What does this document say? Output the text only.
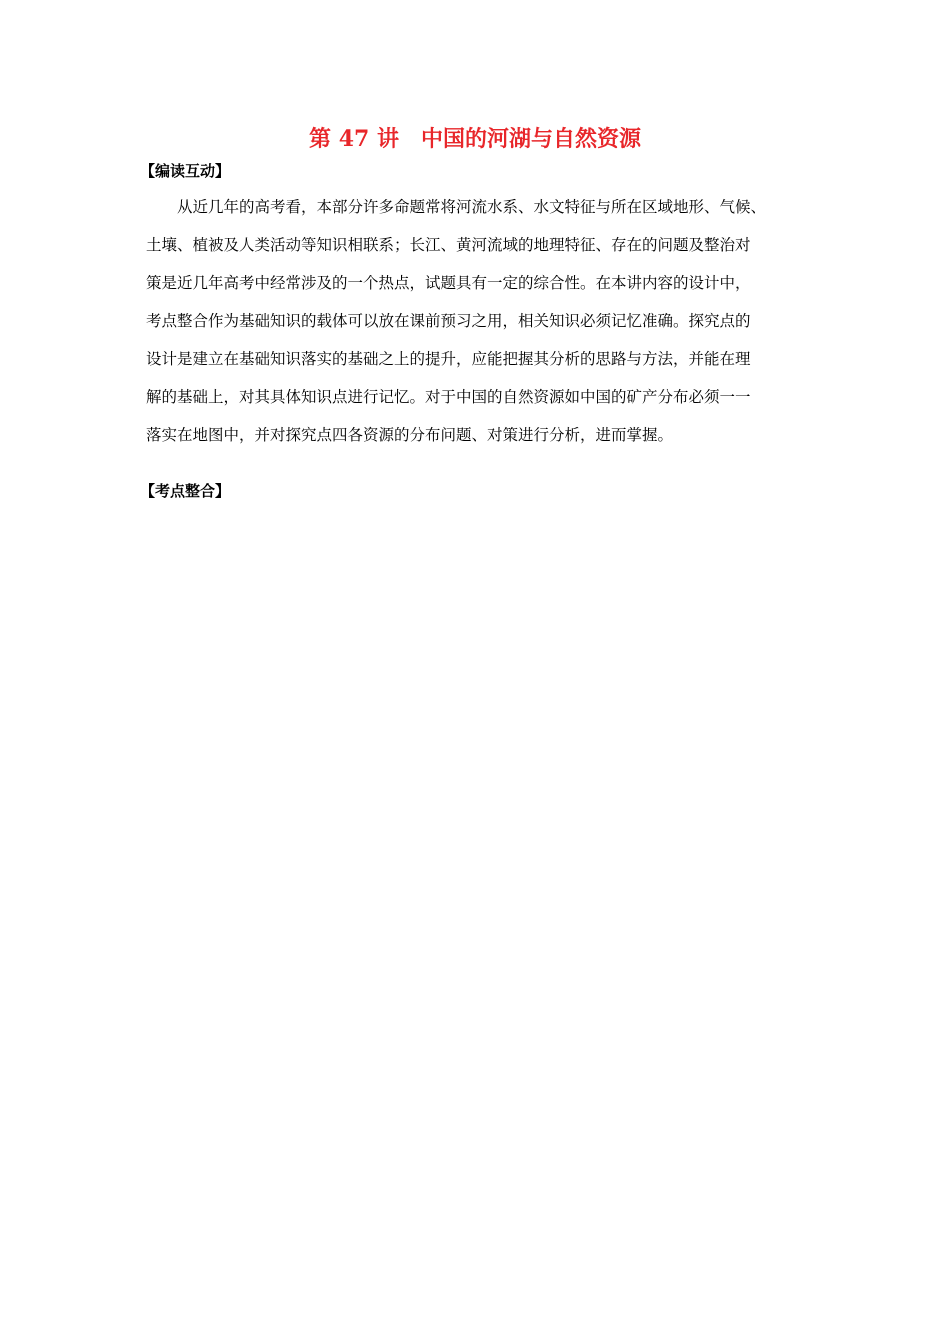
第 47 讲　中国的河湖与自然资源
【编读互动】
从近几年的高考看，本部分许多命题常将河流水系、水文特征与所在区域地形、气候、
土壤、植被及人类活动等知识相联系；长江、黄河流域的地理特征、存在的问题及整治对
策是近几年高考中经常涉及的一个热点，试题具有一定的综合性。在本讲内容的设计中，
考点整合作为基础知识的载体可以放在课前预习之用，相关知识必须记忆准确。探究点的
设计是建立在基础知识落实的基础之上的提升，应能把握其分析的思路与方法，并能在理
解的基础上，对其具体知识点进行记忆。对于中国的自然资源如中国的矿产分布必须一一
落实在地图中，并对探究点四各资源的分布问题、对策进行分析，进而掌握。
【考点整合】
